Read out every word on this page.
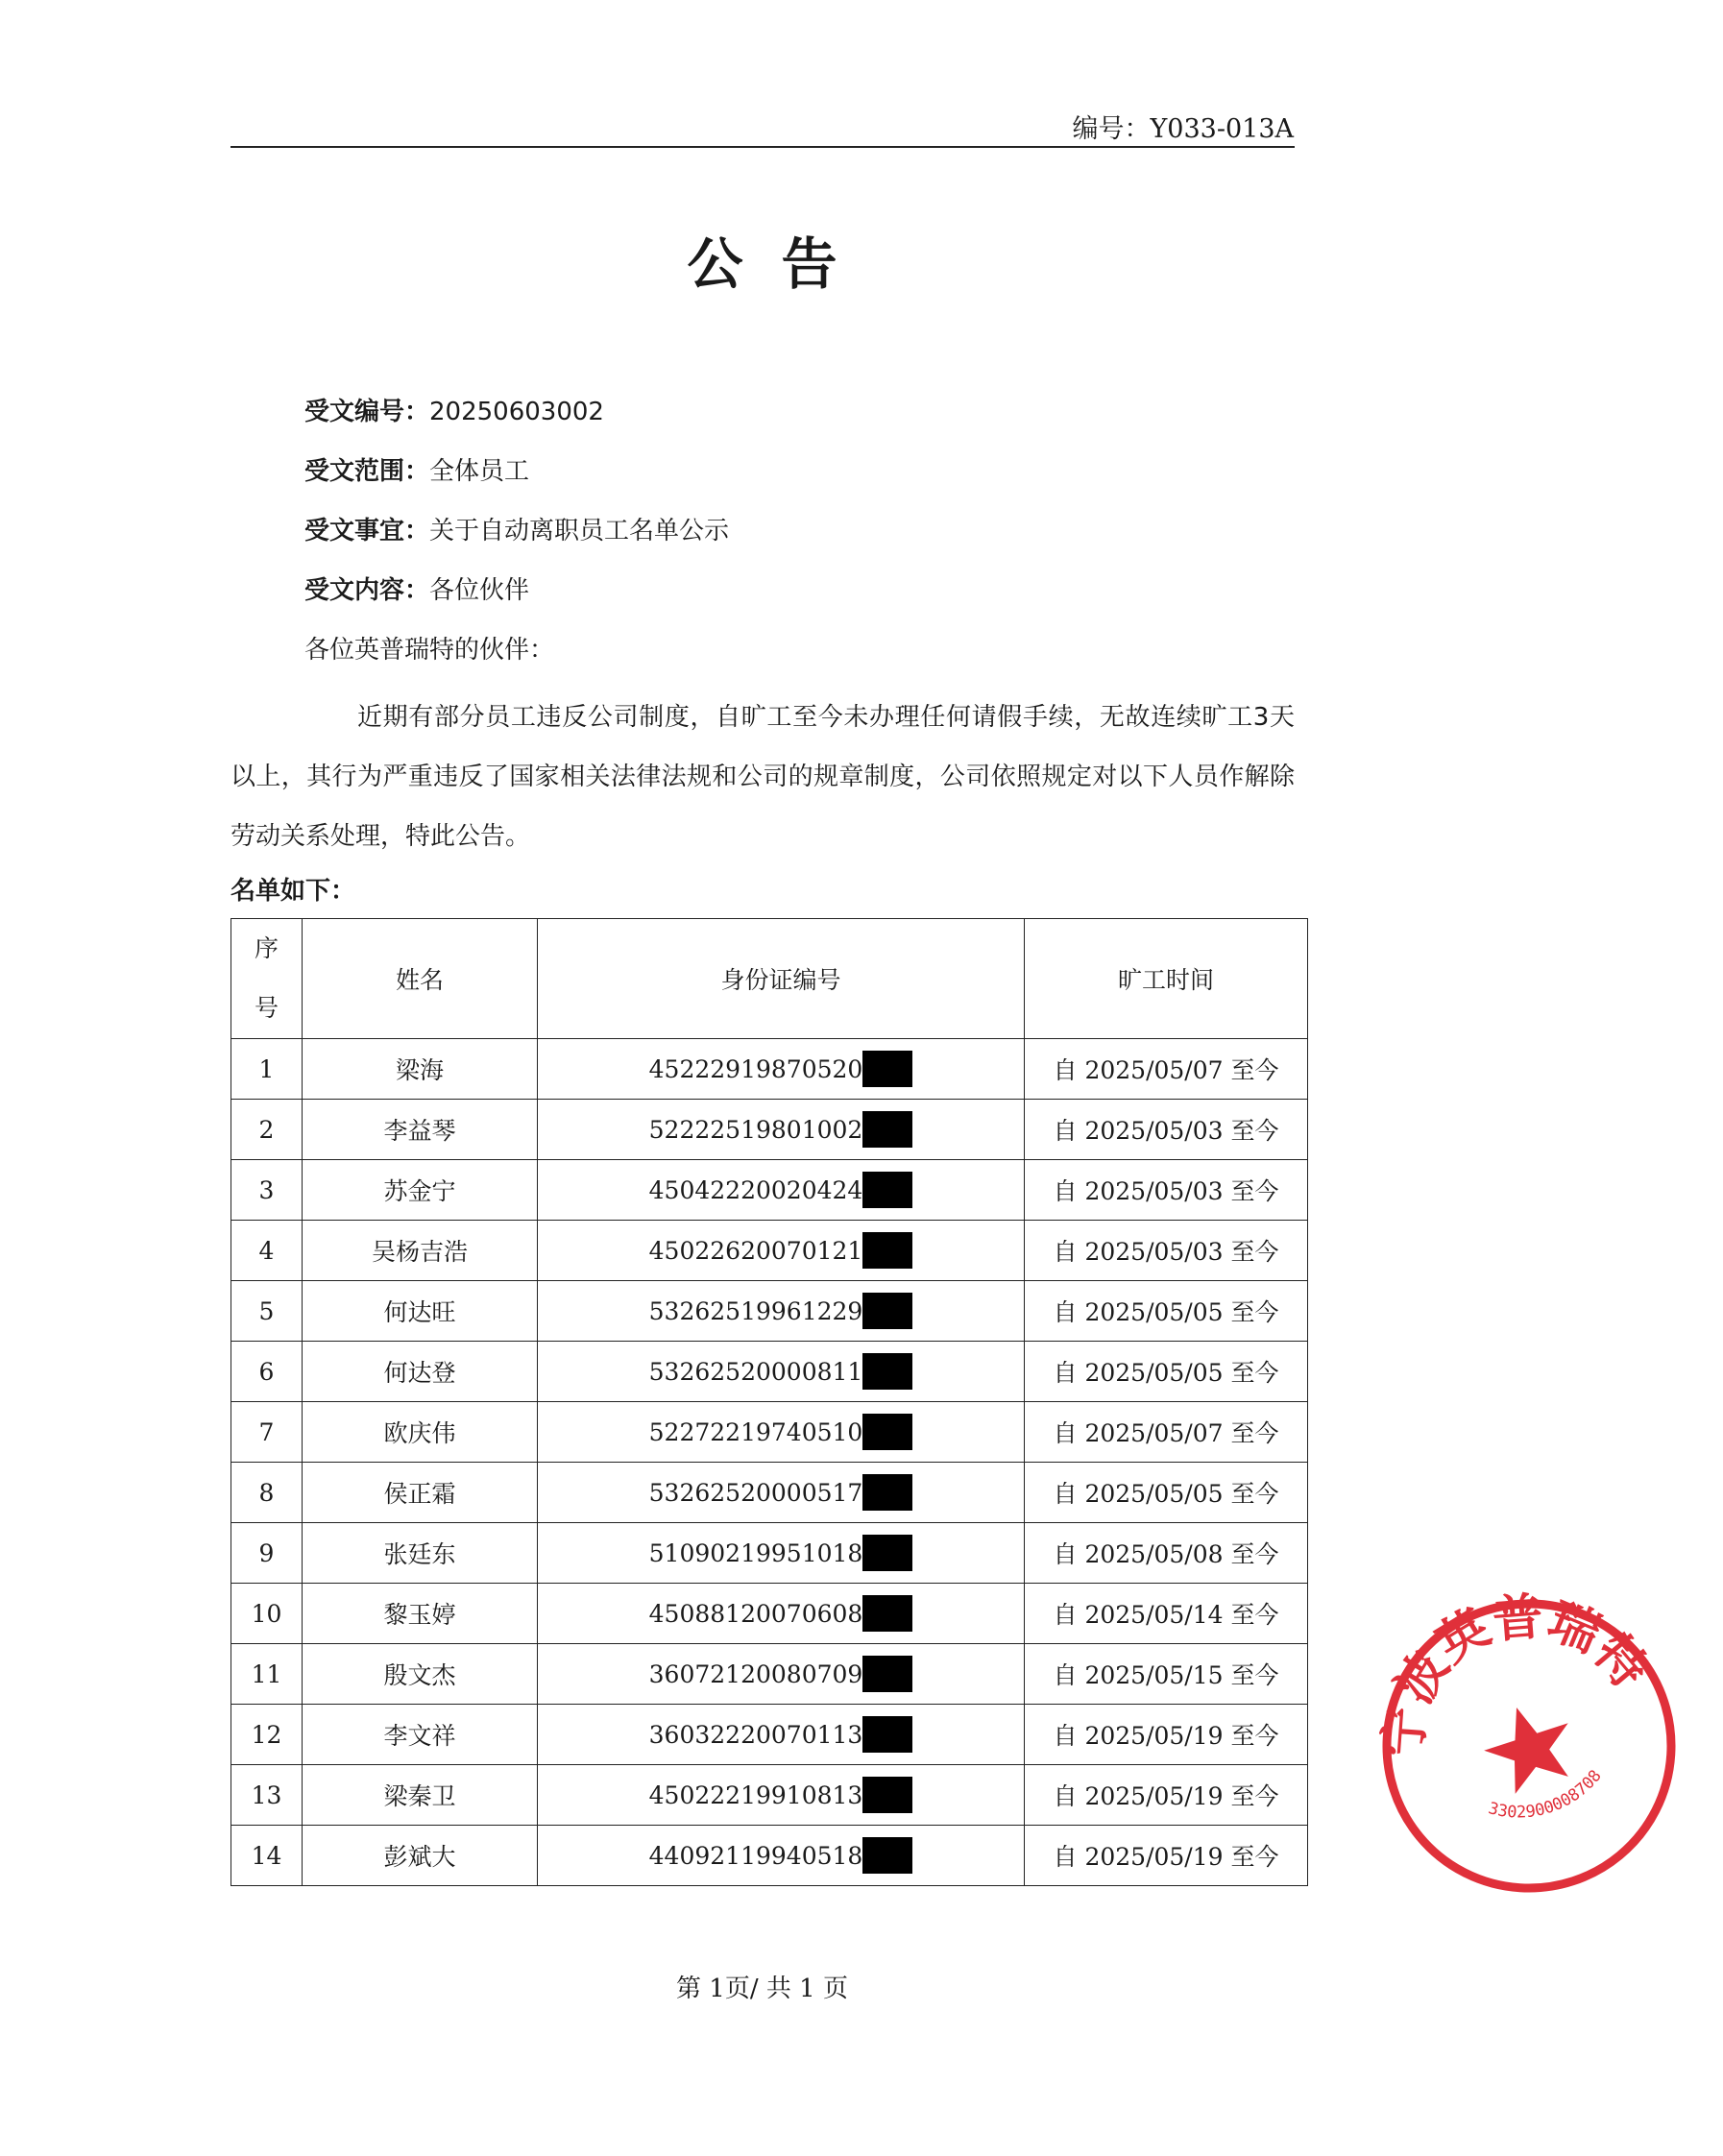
编号：Y033-013A
公告
受文编号：20250603002
受文范围：全体员工
受文事宜：关于自动离职员工名单公示
受文内容：各位伙伴
各位英普瑞特的伙伴：
近期有部分员工违反公司制度，自旷工至今未办理任何请假手续，无故连续旷工3天以上，其行为严重违反了国家相关法律法规和公司的规章制度，公司依照规定对以下人员作解除劳动关系处理，特此公告。
名单如下：
序
号	姓名	身份证编号	旷工时间
1	梁海	45222919870520	自 2025/05/07 至今
2	李益琴	52222519801002	自 2025/05/03 至今
3	苏金宁	45042220020424	自 2025/05/03 至今
4	吴杨吉浩	45022620070121	自 2025/05/03 至今
5	何达旺	53262519961229	自 2025/05/05 至今
6	何达登	53262520000811	自 2025/05/05 至今
7	欧庆伟	52272219740510	自 2025/05/07 至今
8	侯正霜	53262520000517	自 2025/05/05 至今
9	张廷东	51090219951018	自 2025/05/08 至今
10	黎玉婷	45088120070608	自 2025/05/14 至今
11	殷文杰	36072120080709	自 2025/05/15 至今
12	李文祥	36032220070113	自 2025/05/19 至今
13	梁秦卫	45022219910813	自 2025/05/19 至今
14	彭斌大	44092119940518	自 2025/05/19 至今
第 1页/ 共 1 页
宁波英普瑞特
3302900008708
